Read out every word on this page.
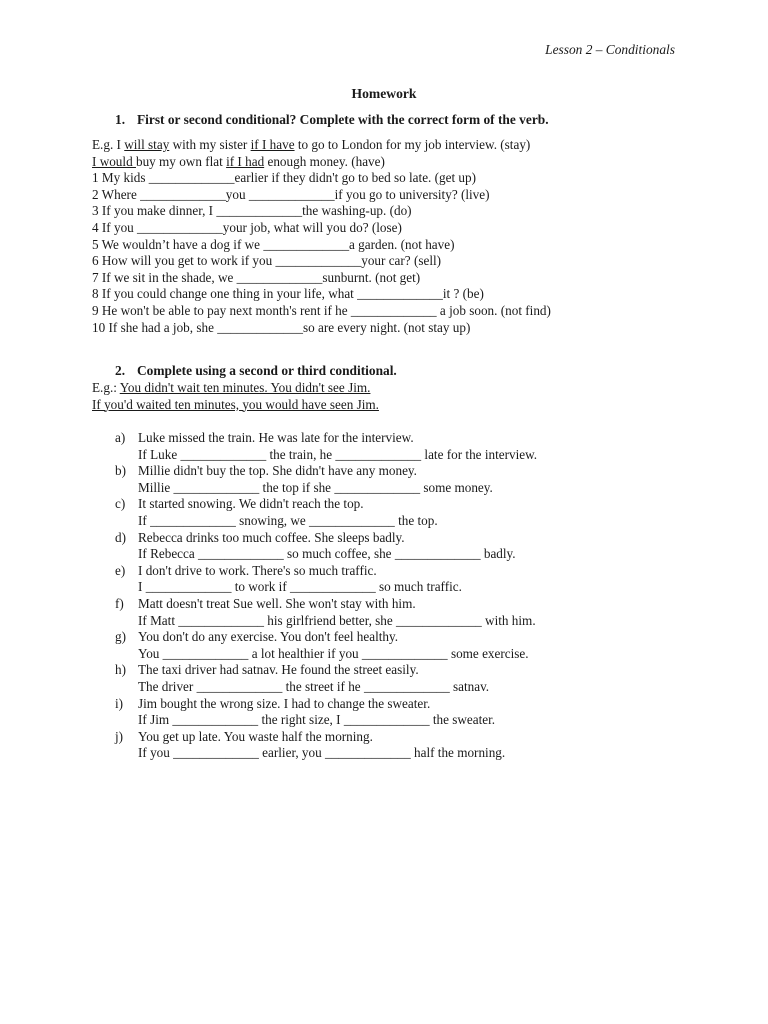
Lesson 2 – Conditionals
Homework
1. First or second conditional? Complete with the correct form of the verb.
E.g. I will stay with my sister if I have to go to London for my job interview. (stay)
I would buy my own flat if I had enough money. (have)
1 My kids _____________earlier if they didn't go to bed so late. (get up)
2 Where _____________you _____________if you go to university? (live)
3 If you make dinner, I _____________the washing-up. (do)
4 If you _____________your job, what will you do? (lose)
5 We wouldn’t have a dog if we _____________a garden. (not have)
6 How will you get to work if you _____________your car? (sell)
7 If we sit in the shade, we _____________sunburnt. (not get)
8 If you could change one thing in your life, what _____________it ? (be)
9 He won't be able to pay next month's rent if he _____________ a job soon. (not find)
10 If she had a job, she _____________so are every night. (not stay up)
2. Complete using a second or third conditional.
E.g.: You didn't wait ten minutes. You didn't see Jim.
If you'd waited ten minutes, you would have seen Jim.
a) Luke missed the train. He was late for the interview.
If Luke _____________ the train, he _____________ late for the interview.
b) Millie didn't buy the top. She didn't have any money.
Millie _____________ the top if she _____________ some money.
c) It started snowing. We didn't reach the top.
If _____________ snowing, we _____________ the top.
d) Rebecca drinks too much coffee. She sleeps badly.
If Rebecca _____________ so much coffee, she _____________ badly.
e) I don't drive to work. There's so much traffic.
I _____________ to work if _____________ so much traffic.
f)	Matt doesn't treat Sue well. She won't stay with him.
If Matt _____________ his girlfriend better, she _____________ with him.
g) You don't do any exercise. You don't feel healthy.
You _____________ a lot healthier if you _____________ some exercise.
h) The taxi driver had satnav. He found the street easily.
The driver _____________ the street if he _____________ satnav.
i)	Jim bought the wrong size. I had to change the sweater.
If Jim _____________ the right size, I _____________ the sweater.
j)	You get up late. You waste half the morning.
If you _____________ earlier, you _____________ half the morning.
